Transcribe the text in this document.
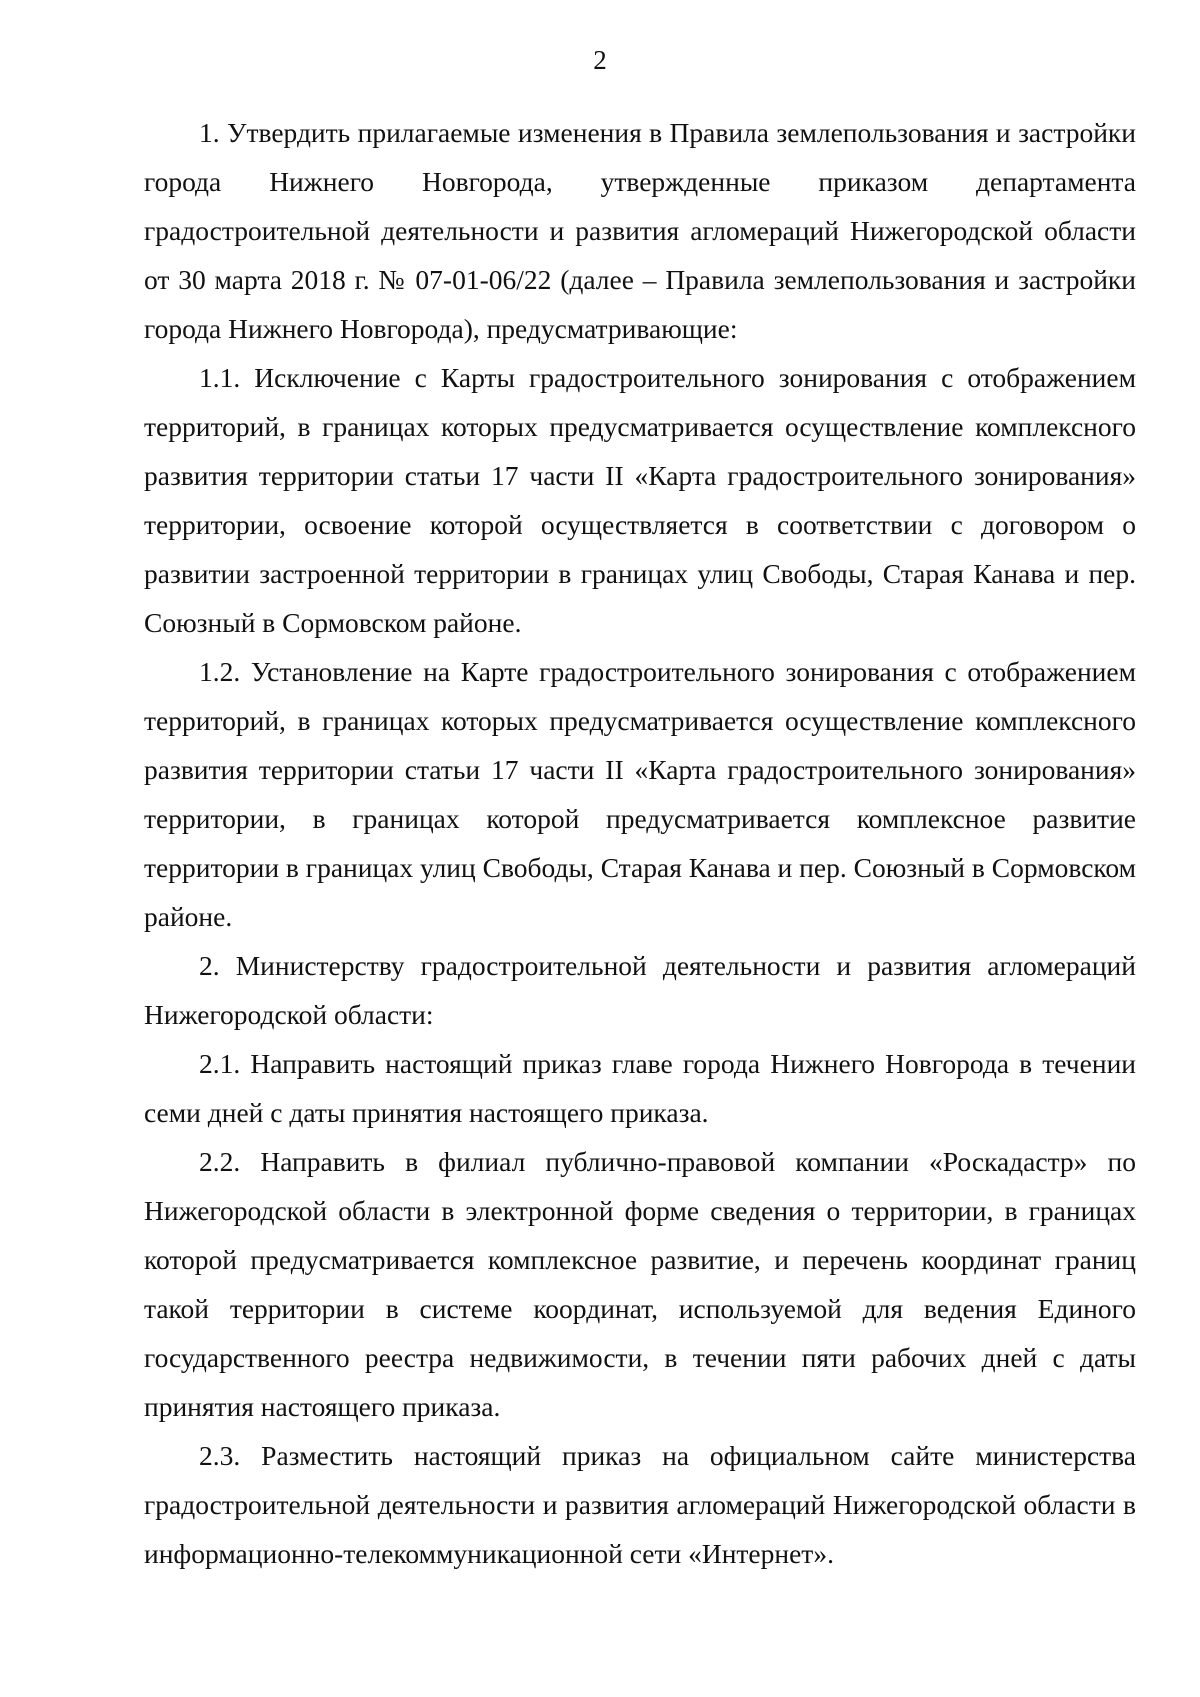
2

1. Утвердить прилагаемые изменения в Правила землепользования и застройки города Нижнего Новгорода, утвержденные приказом департамента градостроительной деятельности и развития агломераций Нижегородской области от 30 марта 2018 г. № 07-01-06/22 (далее – Правила землепользования и застройки города Нижнего Новгорода), предусматривающие:

1.1. Исключение с Карты градостроительного зонирования с отображением территорий, в границах которых предусматривается осуществление комплексного развития территории статьи 17 части II «Карта градостроительного зонирования» территории, освоение которой осуществляется в соответствии с договором о развитии застроенной территории в границах улиц Свободы, Старая Канава и пер. Союзный в Сормовском районе.

1.2. Установление на Карте градостроительного зонирования с отображением территорий, в границах которых предусматривается осуществление комплексного развития территории статьи 17 части II «Карта градостроительного зонирования» территории, в границах которой предусматривается комплексное развитие территории в границах улиц Свободы, Старая Канава и пер. Союзный в Сормовском районе.

2. Министерству градостроительной деятельности и развития агломераций Нижегородской области:

2.1. Направить настоящий приказ главе города Нижнего Новгорода в течении семи дней с даты принятия настоящего приказа.

2.2. Направить в филиал публично-правовой компании «Роскадастр» по Нижегородской области в электронной форме сведения о территории, в границах которой предусматривается комплексное развитие, и перечень координат границ такой территории в системе координат, используемой для ведения Единого государственного реестра недвижимости, в течении пяти рабочих дней с даты принятия настоящего приказа.

2.3. Разместить настоящий приказ на официальном сайте министерства градостроительной деятельности и развития агломераций Нижегородской области в информационно-телекоммуникационной сети «Интернет».
